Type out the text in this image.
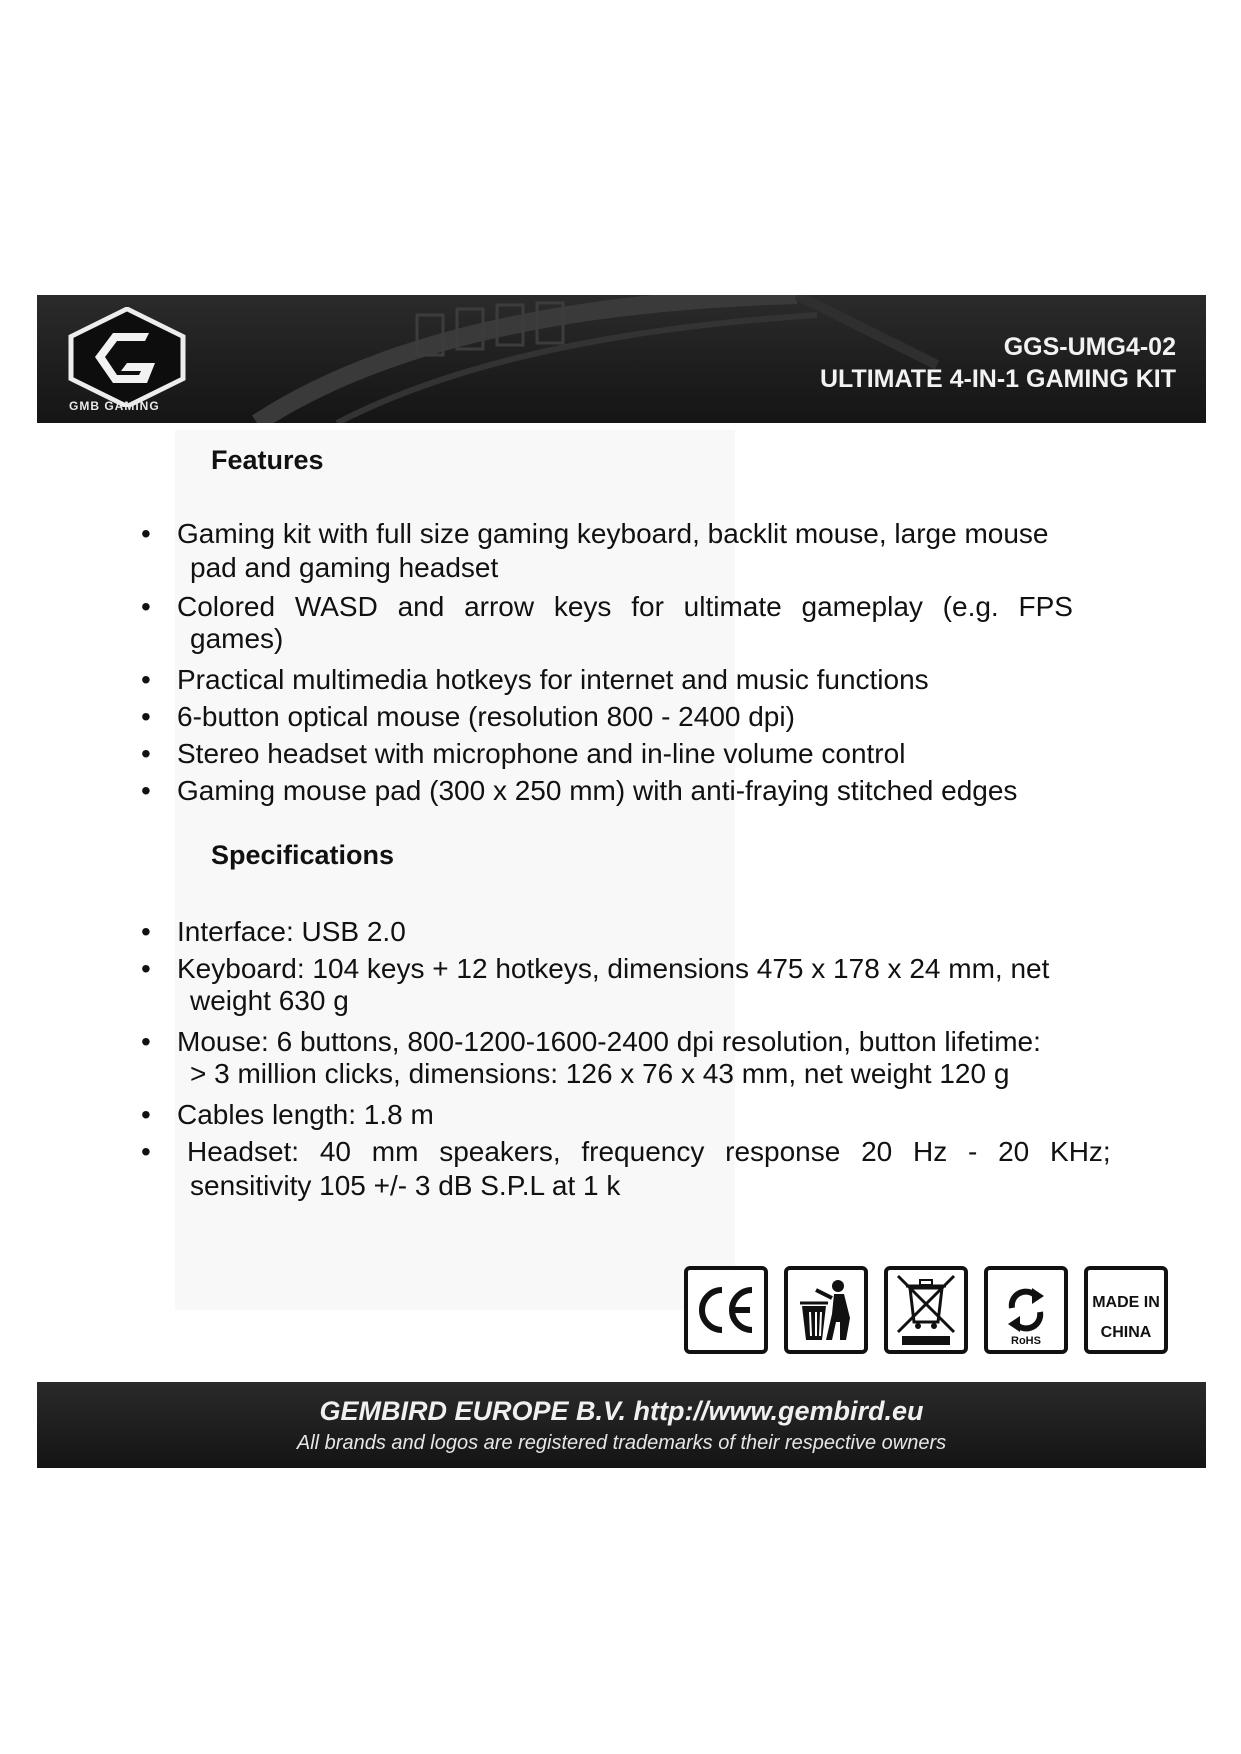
GMB GAMING
GGS-UMG4-02
ULTIMATE 4-IN-1 GAMING KIT
Features
• Gaming kit with full size gaming keyboard, backlit mouse, large mouse
pad and gaming headset
• Colored WASD and arrow keys for ultimate gameplay (e.g. FPS
games)
• Practical multimedia hotkeys for internet and music functions
• 6-button optical mouse (resolution 800 - 2400 dpi)
• Stereo headset with microphone and in-line volume control
• Gaming mouse pad (300 x 250 mm) with anti-fraying stitched edges
Specifications
• Interface: USB 2.0
• Keyboard: 104 keys + 12 hotkeys, dimensions 475 x 178 x 24 mm, net
weight 630 g
• Mouse: 6 buttons, 800-1200-1600-2400 dpi resolution, button lifetime:
> 3 million clicks, dimensions: 126 x 76 x 43 mm, net weight 120 g
• Cables length: 1.8 m
•	Headset: 40 mm speakers, frequency response 20 Hz - 20 KHz;
sensitivity 105 +/- 3 dB S.P.L at 1 k
RoHS
MADE IN
CHINA
GEMBIRD EUROPE B.V. http://www.gembird.eu
All brands and logos are registered trademarks of their respective owners
